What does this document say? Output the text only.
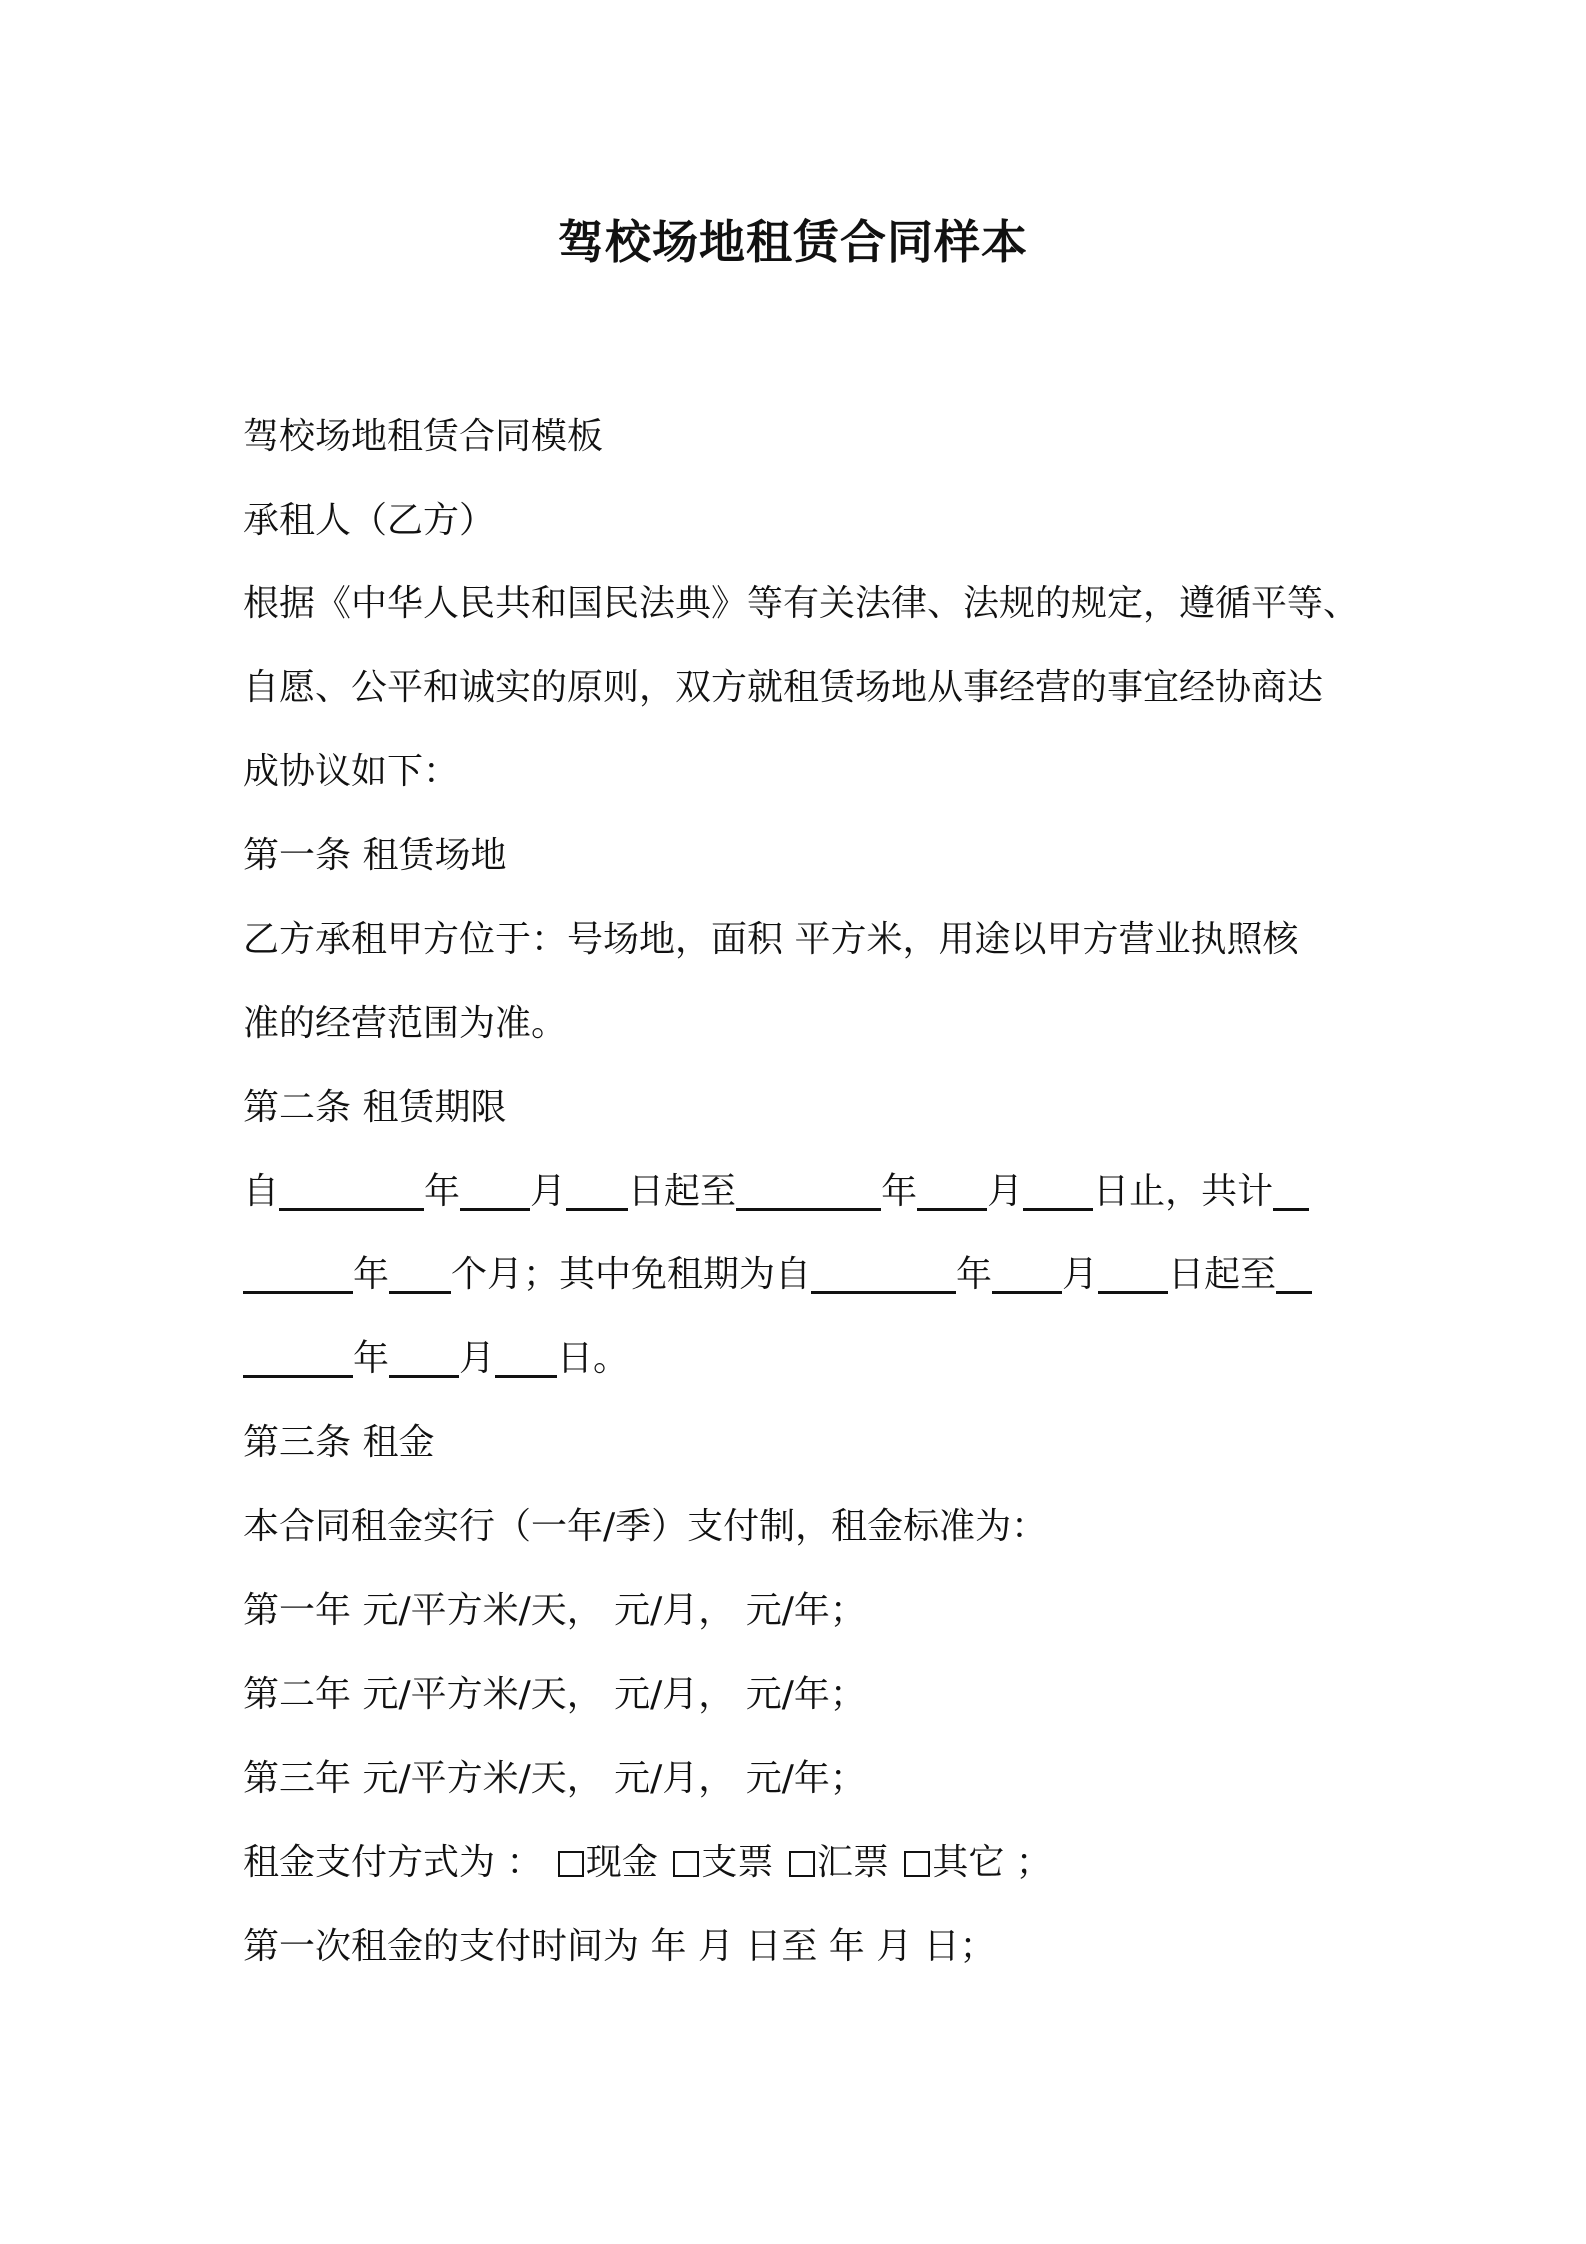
驾校场地租赁合同样本
驾校场地租赁合同模板
承租人（乙方）
根据《中华人民共和国民法典》等有关法律、法规的规定，遵循平等、
自愿、公平和诚实的原则，双方就租赁场地从事经营的事宜经协商达
成协议如下：
第一条 租赁场地
乙方承租甲方位于：号场地，面积 平方米，用途以甲方营业执照核
准的经营范围为准。
第二条 租赁期限
自	年 月 日起至	年 月 日止，共计
年 个月；其中免租期为自	年 月 日起至
年 月 日。
第三条 租金
本合同租金实行（一年/季）支付制，租金标准为：
第一年 元/平方米/天， 元/月， 元/年；
第二年 元/平方米/天， 元/月， 元/年；
第三年 元/平方米/天， 元/月， 元/年；
租金支付方式为 ： 现金 支票 汇票 其它 ；
第一次租金的支付时间为 年 月 日至 年 月 日；
